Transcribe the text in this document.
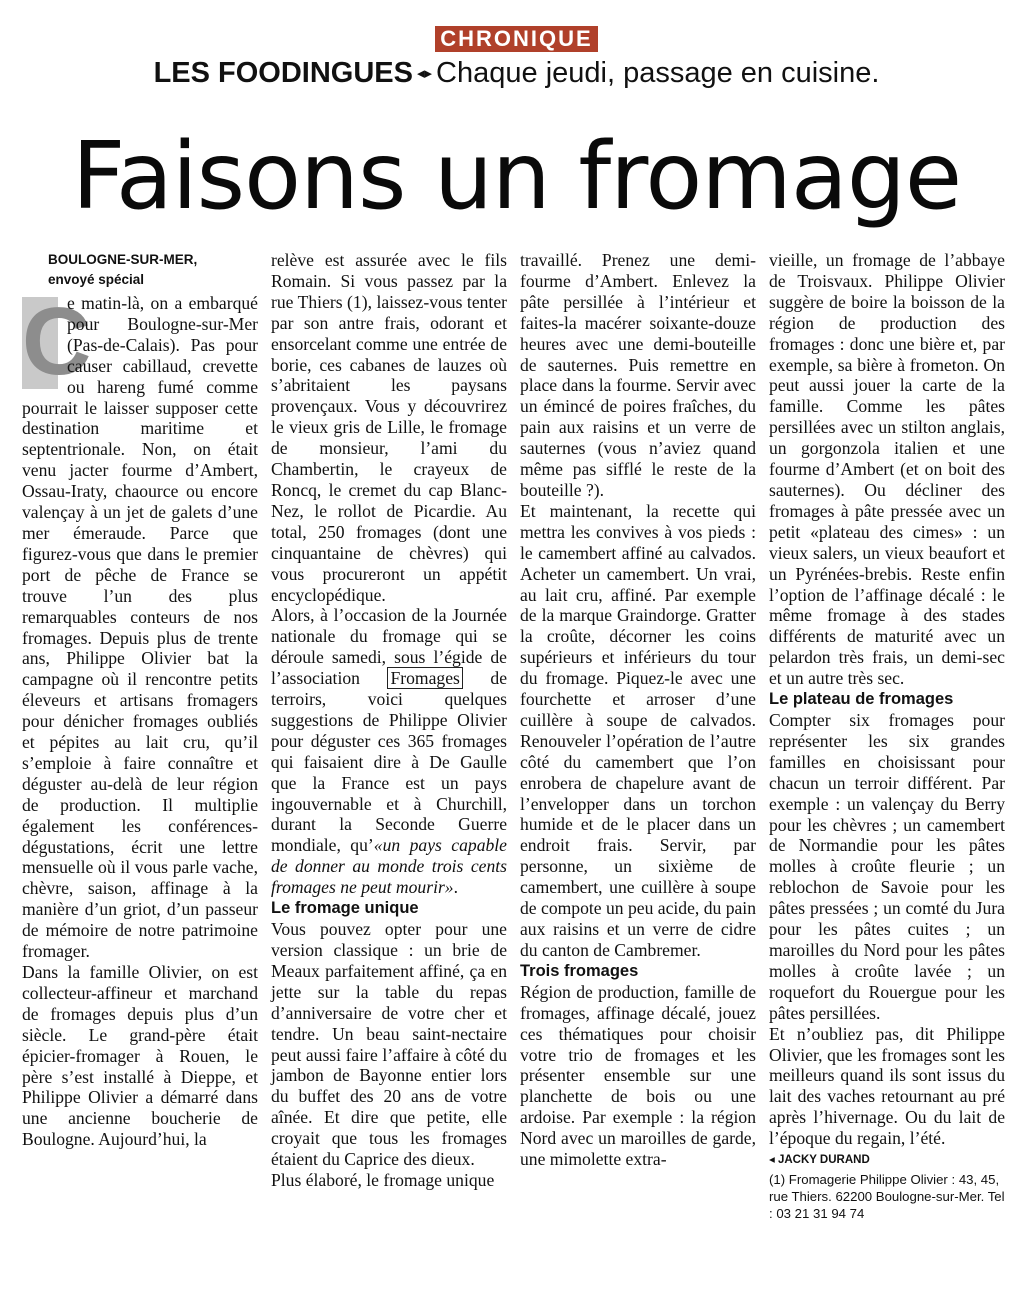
CHRONIQUE
LES FOODINGUES ◂▸ Chaque jeudi, passage en cuisine.
Faisons un fromage
BOULOGNE-SUR-MER,
envoyé spécial

C
e matin-là, on a embarqué pour Boulogne-sur-Mer (Pas-de-Calais). Pas pour causer cabillaud, crevette ou hareng fumé comme pourrait le laisser supposer cette destination maritime et septentrionale. Non, on était venu jacter fourme d’Ambert, Ossau-Iraty, chaource ou encore valençay à un jet de galets d’une mer émeraude. Parce que figurez-vous que dans le premier port de pêche de France se trouve l’un des plus remarquables conteurs de nos fromages. Depuis plus de trente ans, Philippe Olivier bat la campagne où il rencontre petits éleveurs et artisans fromagers pour dénicher fromages oubliés et pépites au lait cru, qu’il s’emploie à faire connaître et déguster au-delà de leur région de production. Il multiplie également les conférences-dégustations, écrit une lettre mensuelle où il vous parle vache, chèvre, saison, affinage à la manière d’un griot, d’un passeur de mémoire de notre patrimoine fromager.

Dans la famille Olivier, on est collecteur-affineur et marchand de fromages depuis plus d’un siècle. Le grand-père était épicier-fromager à Rouen, le père s’est installé à Dieppe, et Philippe Olivier a démarré dans une ancienne boucherie de Boulogne. Aujourd’hui, la

relève est assurée avec le fils Romain. Si vous passez par la rue Thiers (1), laissez-vous tenter par son antre frais, odorant et ensorcelant comme une entrée de borie, ces cabanes de lauzes où s’abritaient les paysans provençaux. Vous y découvrirez le vieux gris de Lille, le fromage de monsieur, l’ami du Chambertin, le crayeux de Roncq, le cremet du cap Blanc-Nez, le rollot de Picardie. Au total, 250 fromages (dont une cinquantaine de chèvres) qui vous procureront un appétit encyclopédique.

Alors, à l’occasion de la Journée nationale du fromage qui se déroule samedi, sous l’égide de l’association Fromages de terroirs, voici quelques suggestions de Philippe Olivier pour déguster ces 365 fromages qui faisaient dire à De Gaulle que la France est un pays ingouvernable et à Churchill, durant la Seconde Guerre mondiale, qu’«un pays capable de donner au monde trois cents fromages ne peut mourir».

Le fromage unique

Vous pouvez opter pour une version classique : un brie de Meaux parfaitement affiné, ça en jette sur la table du repas d’anniversaire de votre cher et tendre. Un beau saint-nectaire peut aussi faire l’affaire à côté du jambon de Bayonne entier lors du buffet des 20 ans de votre aînée. Et dire que petite, elle croyait que tous les fromages étaient du Caprice des dieux.

Plus élaboré, le fromage unique

travaillé. Prenez une demi-fourme d’Ambert. Enlevez la pâte persillée à l’intérieur et faites-la macérer soixante-douze heures avec une demi-bouteille de sauternes. Puis remettre en place dans la fourme. Servir avec un émincé de poires fraîches, du pain aux raisins et un verre de sauternes (vous n’aviez quand même pas sifflé le reste de la bouteille ?).

Et maintenant, la recette qui mettra les convives à vos pieds : le camembert affiné au calvados. Acheter un camembert. Un vrai, au lait cru, affiné. Par exemple de la marque Graindorge. Gratter la croûte, décorner les coins supérieurs et inférieurs du tour du fromage. Piquez-le avec une fourchette et arroser d’une cuillère à soupe de calvados. Renouveler l’opération de l’autre côté du camembert que l’on enrobera de chapelure avant de l’envelopper dans un torchon humide et de le placer dans un endroit frais. Servir, par personne, un sixième de camembert, une cuillère à soupe de compote un peu acide, du pain aux raisins et un verre de cidre du canton de Cambremer.

Trois fromages

Région de production, famille de fromages, affinage décalé, jouez ces thématiques pour choisir votre trio de fromages et les présenter ensemble sur une planchette de bois ou une ardoise. Par exemple : la région Nord avec un maroilles de garde, une mimolette extra-

vieille, un fromage de l’abbaye de Troisvaux. Philippe Olivier suggère de boire la boisson de la région de production des fromages : donc une bière et, par exemple, sa bière à frometon. On peut aussi jouer la carte de la famille. Comme les pâtes persillées avec un stilton anglais, un gorgonzola italien et une fourme d’Ambert (et on boit des sauternes). Ou décliner des fromages à pâte pressée avec un petit «plateau des cimes» : un vieux salers, un vieux beaufort et un Pyrénées-brebis. Reste enfin l’option de l’affinage décalé : le même fromage à des stades différents de maturité avec un pelardon très frais, un demi-sec et un autre très sec.

Le plateau de fromages

Compter six fromages pour représenter les six grandes familles en choisissant pour chacun un terroir différent. Par exemple : un valençay du Berry pour les chèvres ; un camembert de Normandie pour les pâtes molles à croûte fleurie ; un reblochon de Savoie pour les pâtes pressées ; un comté du Jura pour les pâtes cuites ; un maroilles du Nord pour les pâtes molles à croûte lavée ; un roquefort du Rouergue pour les pâtes persillées.

Et n’oubliez pas, dit Philippe Olivier, que les fromages sont les meilleurs quand ils sont issus du lait des vaches retournant au pré après l’hivernage. Ou du lait de l’époque du regain, l’été.

◂ JACKY DURAND
(1) Fromagerie Philippe Olivier : 43, 45, rue Thiers. 62200 Boulogne-sur-Mer. Tel : 03 21 31 94 74
